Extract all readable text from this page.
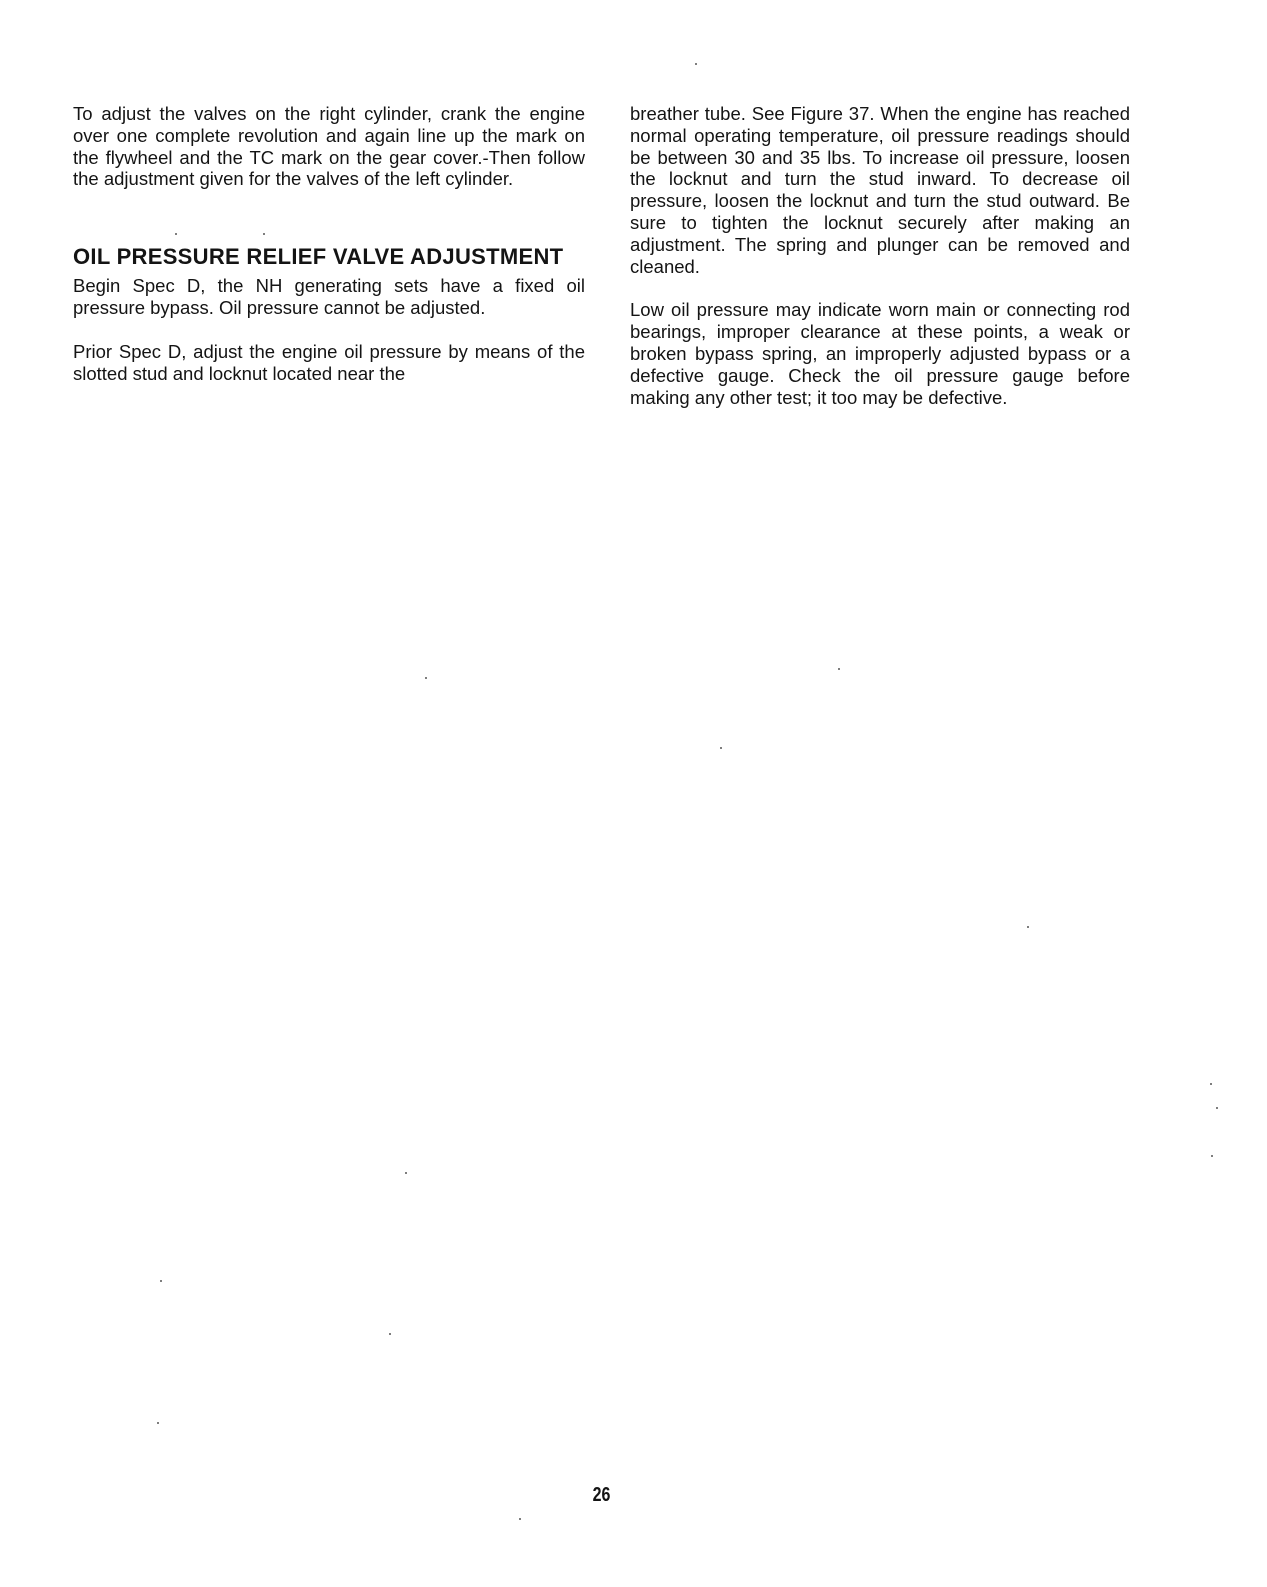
To adjust the valves on the right cylinder, crank the engine over one complete revolution and again line up the mark on the flywheel and the TC mark on the gear cover.-Then follow the adjustment given for the valves of the left cylinder.

OIL PRESSURE RELIEF VALVE ADJUSTMENT

Begin Spec D, the NH generating sets have a fixed oil pressure bypass. Oil pressure cannot be adjusted.

Prior Spec D, adjust the engine oil pressure by means of the slotted stud and locknut located near the

breather tube. See Figure 37. When the engine has reached normal operating temperature, oil pressure readings should be between 30 and 35 lbs. To increase oil pressure, loosen the locknut and turn the stud inward. To decrease oil pressure, loosen the locknut and turn the stud outward. Be sure to tighten the locknut securely after making an adjustment. The spring and plunger can be removed and cleaned.

Low oil pressure may indicate worn main or connecting rod bearings, improper clearance at these points, a weak or broken bypass spring, an improperly adjusted bypass or a defective gauge. Check the oil pressure gauge before making any other test; it too may be defective.

26
